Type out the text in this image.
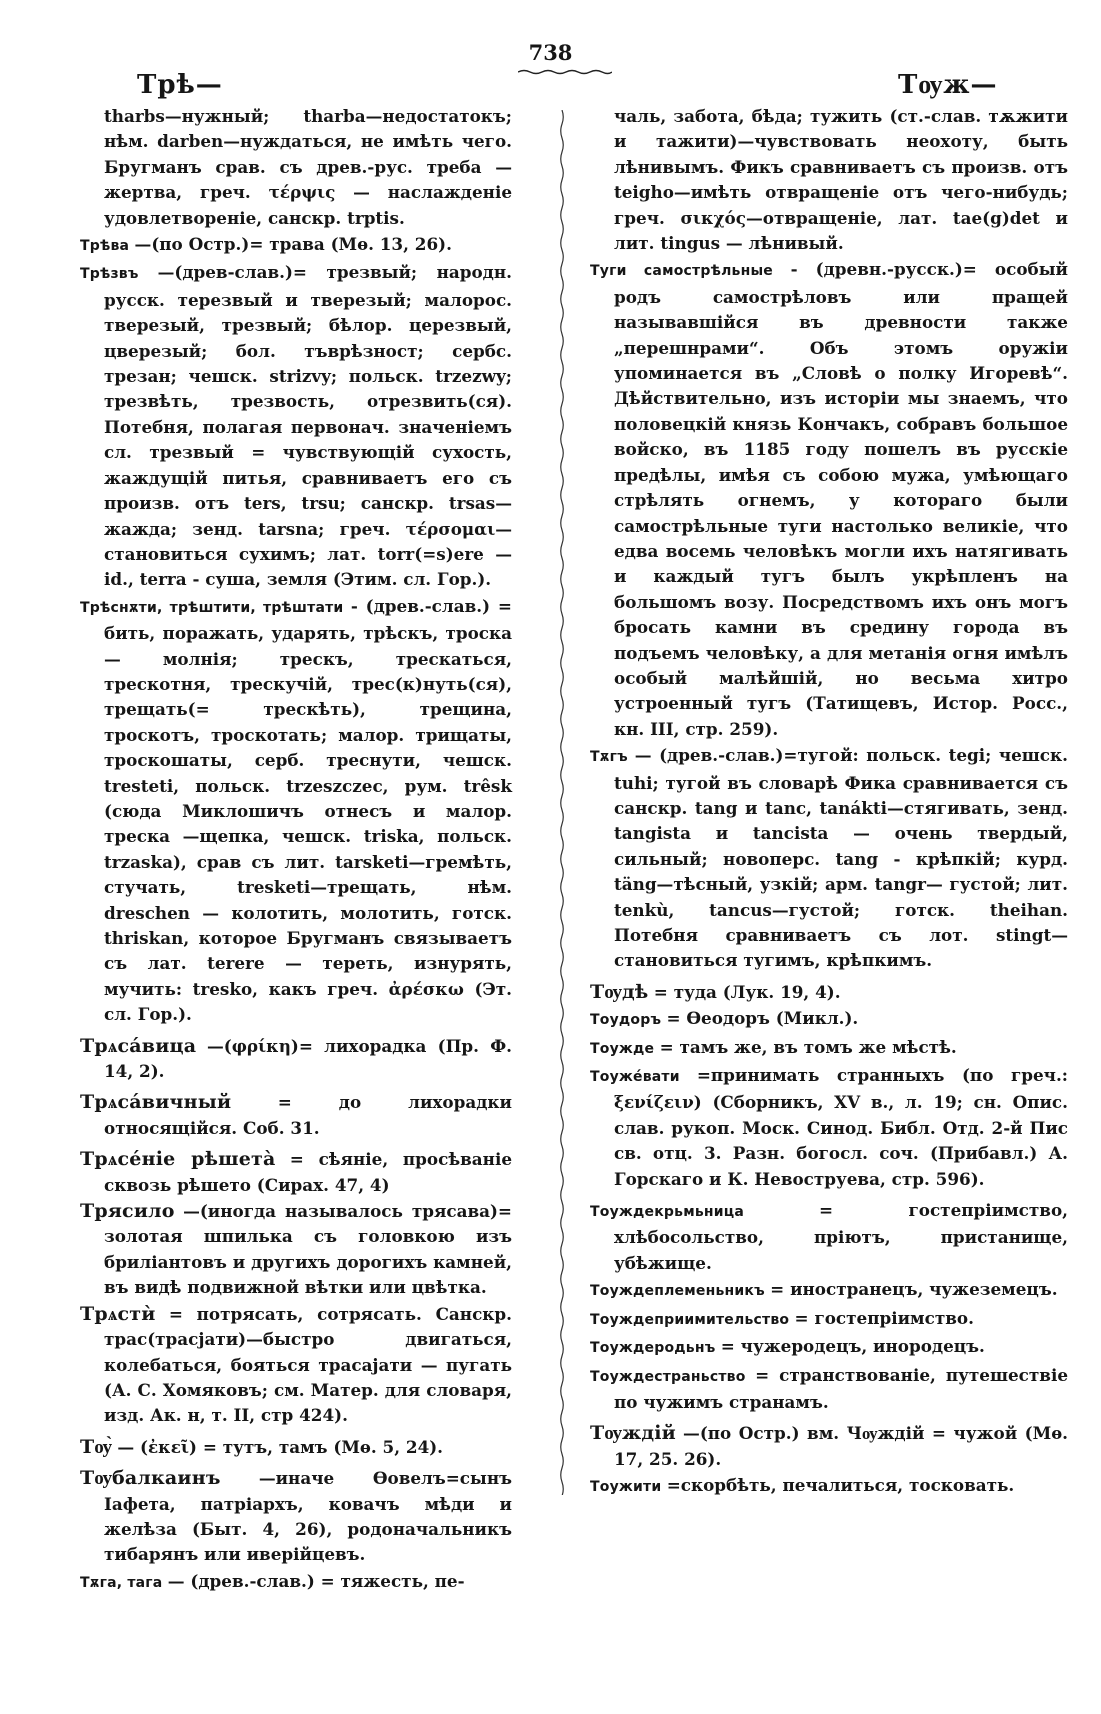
738
Трѣ—	Тѹж—
tharbs—нужный; tharba—недостатокъ; нѣм. darben—нуждаться, не имѣть чего. Бругманъ срав. съ древ.-рус. треба — жертва, греч. τέρψις — наслажденіе удовлетвореніе, санскр. trptis.
Трѣва —(по Остр.)= трава (Мѳ. 13, 26).
Трѣзвъ —(древ-слав.)= трезвый; народн. русск. терезвый и тверезый; малорос. тверезый, трезвый; бѣлор. церезвый, цверезый; бол. тъврѣзност; сербс. трезан; чешск. strizvy; польск. trzezwy; трезвѣть, трезвость, отрезвить(ся). Потебня, полагая первонач. значеніемъ сл. трезвый = чувствующій сухость, жаждущій питья, сравниваетъ его съ произв. отъ ters, trsu; санскр. trsas—жажда; зенд. tarsna; греч. τέρσομαι—становиться сухимъ; лат. torr(=s)ere — id., terra - суша, земля (Этим. сл. Гор.).
Трѣснѫти, трѣштити, трѣштати - (древ.-слав.) = бить, поражать, ударять, трѣскъ, троска — молнія; трескъ, трескаться, трескотня, трескучій, трес(к)нуть(ся), трещать(= трескѣть), трещина, троскотъ, троскотать; малор. трищаты, троскошаты, серб. треснути, чешск. tresteti, польск. trzeszczec, рум. trêsk (сюда Миклошичъ отнесъ и малор. треска —щепка, чешск. triska, польск. trzaska), срав съ лит. tarsketi—гремѣть, стучать, tresketi—трещать, нѣм. dreschen — колотить, молотить, готск. thriskan, которое Бругманъ связываетъ съ лат. terere — тереть, изнурять, мучить: tresko, какъ греч. ἀρέσκω (Эт. сл. Гор.).
Трѧса́вица —(φρίκη)= лихорадка (Пр. Ф. 14, 2).
Трѧса́вичный	= до лихорадки относящійся. Соб. 31.
Трѧсе́ніе рѣшета̀ = сѣяніе, просѣваніе сквозь рѣшето (Сирах. 47, 4)
Трясило —(иногда называлось трясава)= золотая шпилька съ головкою изъ бриліантовъ и другихъ дорогихъ камней, въ видѣ подвижной вѣтки или цвѣтка.
Трѧстѝ = потрясать, сотрясать. Санскр. трас(трасjати)—быстро двигаться, колебаться, бояться трасаjати — пугать (А. С. Хомяковъ; см. Матер. для словаря, изд. Ак. н, т. II, стр 424).
Тѹ̀ — (ἐκεῖ) = тутъ, тамъ (Мѳ. 5, 24).
Тѹбалкаинъ —иначе Ѳовелъ=сынъ Іафета, патріархъ, ковачъ мѣди и желѣза (Быт. 4, 26), родоначальникъ тибарянъ или иверійцевъ.
Тѫга, тага — (древ.-слав.) = тяжесть, пе-
чаль, забота, бѣда; тужить (ст.-слав. тѫжити и тажити)—чувствовать неохоту, быть лѣнивымъ. Фикъ сравниваетъ съ произв. отъ teigho—имѣть отвращеніе отъ чего-нибудь; греч. σικχός—отвращеніе, лат. tae(g)det и лит. tingus — лѣнивый.
Туги самострѣльные - (древн.-русск.)= особый родъ самострѣловъ или пращей называвшійся въ древности также „перешнрами“. Объ этомъ оружіи упоминается въ „Словѣ о полку Игоревѣ“. Дѣйствительно, изъ исторіи мы знаемъ, что половецкій князь Кончакъ, собравъ большое войско, въ 1185 году пошелъ въ русскіе предѣлы, имѣя съ собою мужа, умѣющаго стрѣлять огнемъ, у котораго были самострѣльные туги настолько великіе, что едва восемь человѣкъ могли ихъ натягивать и каждый тугъ былъ укрѣпленъ на большомъ возу. Посредствомъ ихъ онъ могъ бросать камни въ средину города въ подъемъ человѣку, а для метанія огня имѣлъ особый малѣйшій, но весьма хитро устроенный тугъ (Татищевъ, Истор. Росс., кн. III, стр. 259).
Тѫгъ — (древ.-слав.)=тугой: польск. tegi; чешск. tuhi; тугой въ словарѣ Фика сравнивается съ санскр. tang и tanc, tanákti—стягивать, зенд. tangista и tancista — очень твердый, сильный; новоперс. tang - крѣпкій; курд. täng—тѣсный, узкій; арм. tangr— густой; лит. tenkù, tancus—густой; готск. theihan. Потебня сравниваетъ съ лот. stingt—становиться тугимъ, крѣпкимъ.
Тѹдѣ = туда (Лук. 19, 4).
Тоудоръ = Ѳеодоръ (Микл.).
Тоужде = тамъ же, въ томъ же мѣстѣ.
Тоуже́вати =принимать странныхъ (по греч.: ξενίζειν) (Сборникъ, XV в., л. 19; сн. Опис. слав. рукоп. Моск. Синод. Библ. Отд. 2-й Пис св. отц. 3. Разн. богосл. соч. (Прибавл.) А. Горскаго и К. Невоструева, стр. 596).
Тоуждекрьмьница	= гостепріимство, хлѣбосольство, пріютъ, пристанище, убѣжище.
Тоуждеплеменьникъ = иностранецъ, чужеземецъ.
Тоуждеприимительство = гостепріимство.
Тоуждеродьнъ = чужеродецъ, инородецъ.
Тоуждестраньство = странствованіе, путешествіе по чужимъ странамъ.
Тѹждій —(по Остр.) вм. Чѹждій = чужой (Мѳ. 17, 25. 26).
Тоужити =скорбѣть, печалиться, тосковать.
